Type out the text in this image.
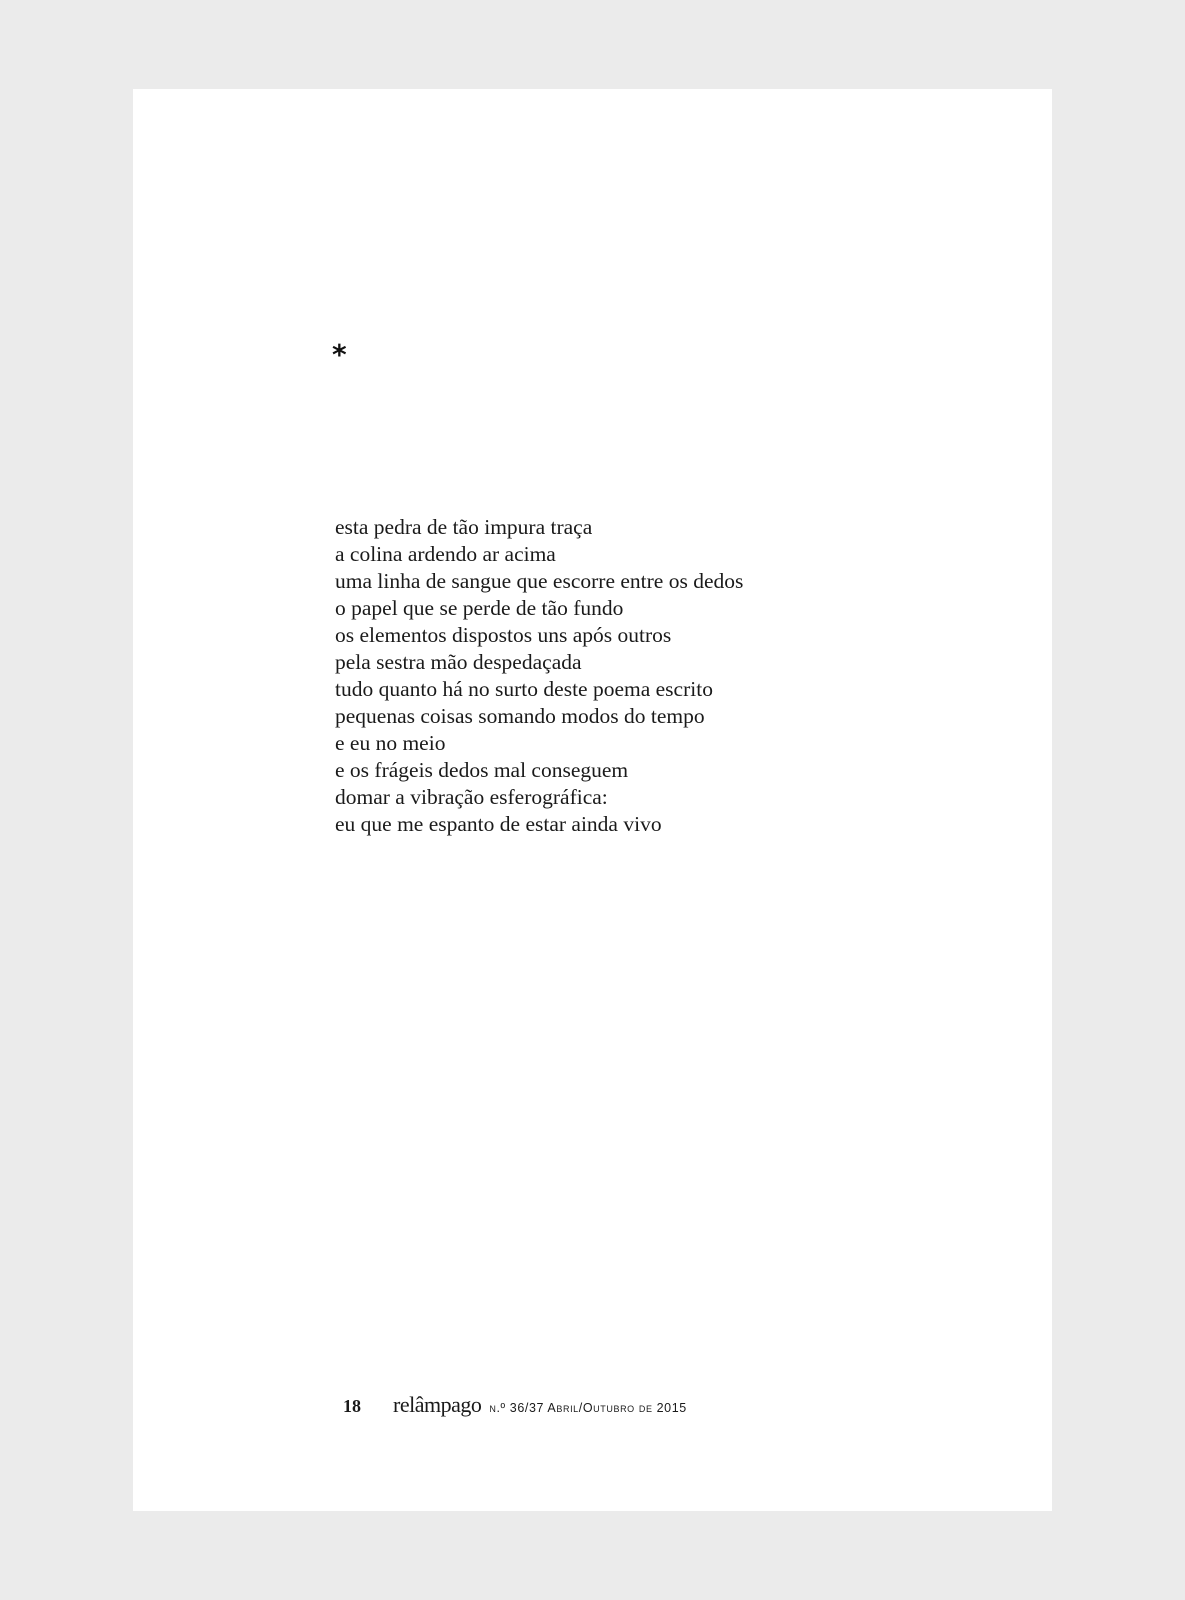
*
esta pedra de tão impura traça
a colina ardendo ar acima
uma linha de sangue que escorre entre os dedos
o papel que se perde de tão fundo
os elementos dispostos uns após outros
pela sestra mão despedaçada
tudo quanto há no surto deste poema escrito
pequenas coisas somando modos do tempo
e eu no meio
e os frágeis dedos mal conseguem
domar a vibração esferográfica:
eu que me espanto de estar ainda vivo
18 relâmpago n.º 36/37 Abril/Outubro de 2015
